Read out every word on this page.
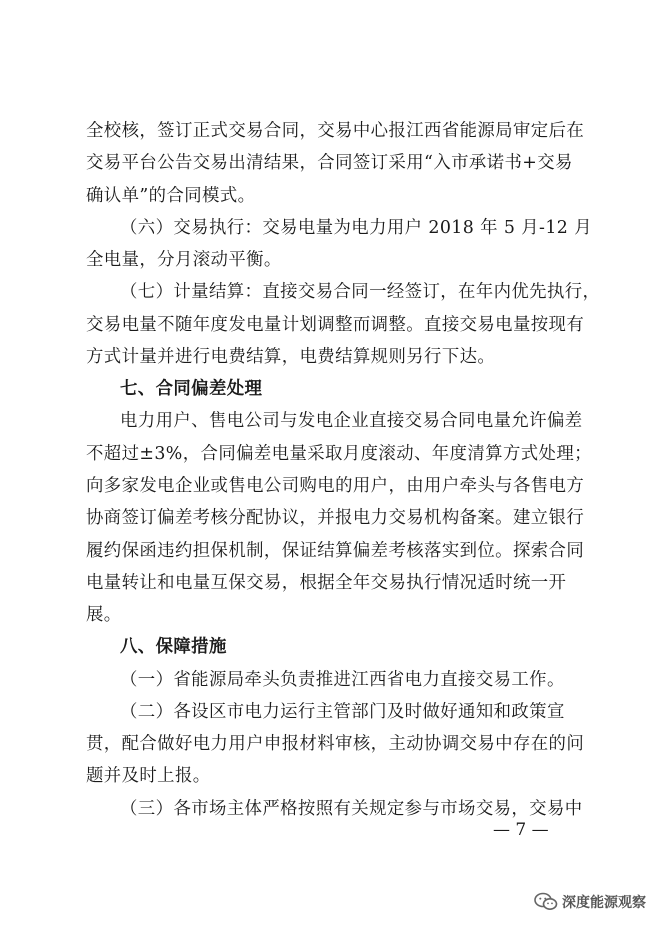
全校核，签订正式交易合同，交易中心报江西省能源局审定后在
交易平台公告交易出清结果，合同签订采用“入市承诺书+交易
确认单”的合同模式。
（六）交易执行：交易电量为电力用户 2018 年 5 月-12 月
全电量，分月滚动平衡。
（七）计量结算：直接交易合同一经签订，在年内优先执行，
交易电量不随年度发电量计划调整而调整。直接交易电量按现有
方式计量并进行电费结算，电费结算规则另行下达。
七、合同偏差处理
电力用户、售电公司与发电企业直接交易合同电量允许偏差
不超过±3%，合同偏差电量采取月度滚动、年度清算方式处理；
向多家发电企业或售电公司购电的用户，由用户牵头与各售电方
协商签订偏差考核分配协议，并报电力交易机构备案。建立银行
履约保函违约担保机制，保证结算偏差考核落实到位。探索合同
电量转让和电量互保交易，根据全年交易执行情况适时统一开
展。
八、保障措施
（一）省能源局牵头负责推进江西省电力直接交易工作。
（二）各设区市电力运行主管部门及时做好通知和政策宣
贯，配合做好电力用户申报材料审核，主动协调交易中存在的问
题并及时上报。
（三）各市场主体严格按照有关规定参与市场交易，交易中
— 7 —
深度能源观察
